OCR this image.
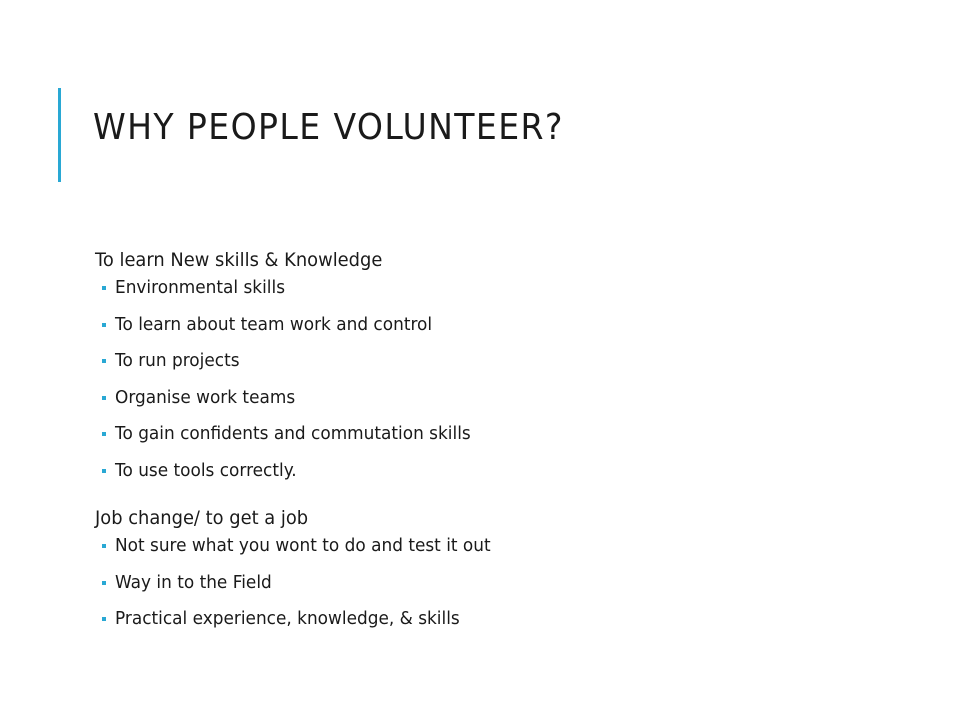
WHY PEOPLE VOLUNTEER?
To learn New skills & Knowledge
Environmental skills
To learn about team work and control
To run projects
Organise work teams
To gain confidents and commutation skills
To use tools correctly.
Job change/ to get a job
Not sure what you wont to do and test it out
Way in to the Field
Practical experience, knowledge, & skills
